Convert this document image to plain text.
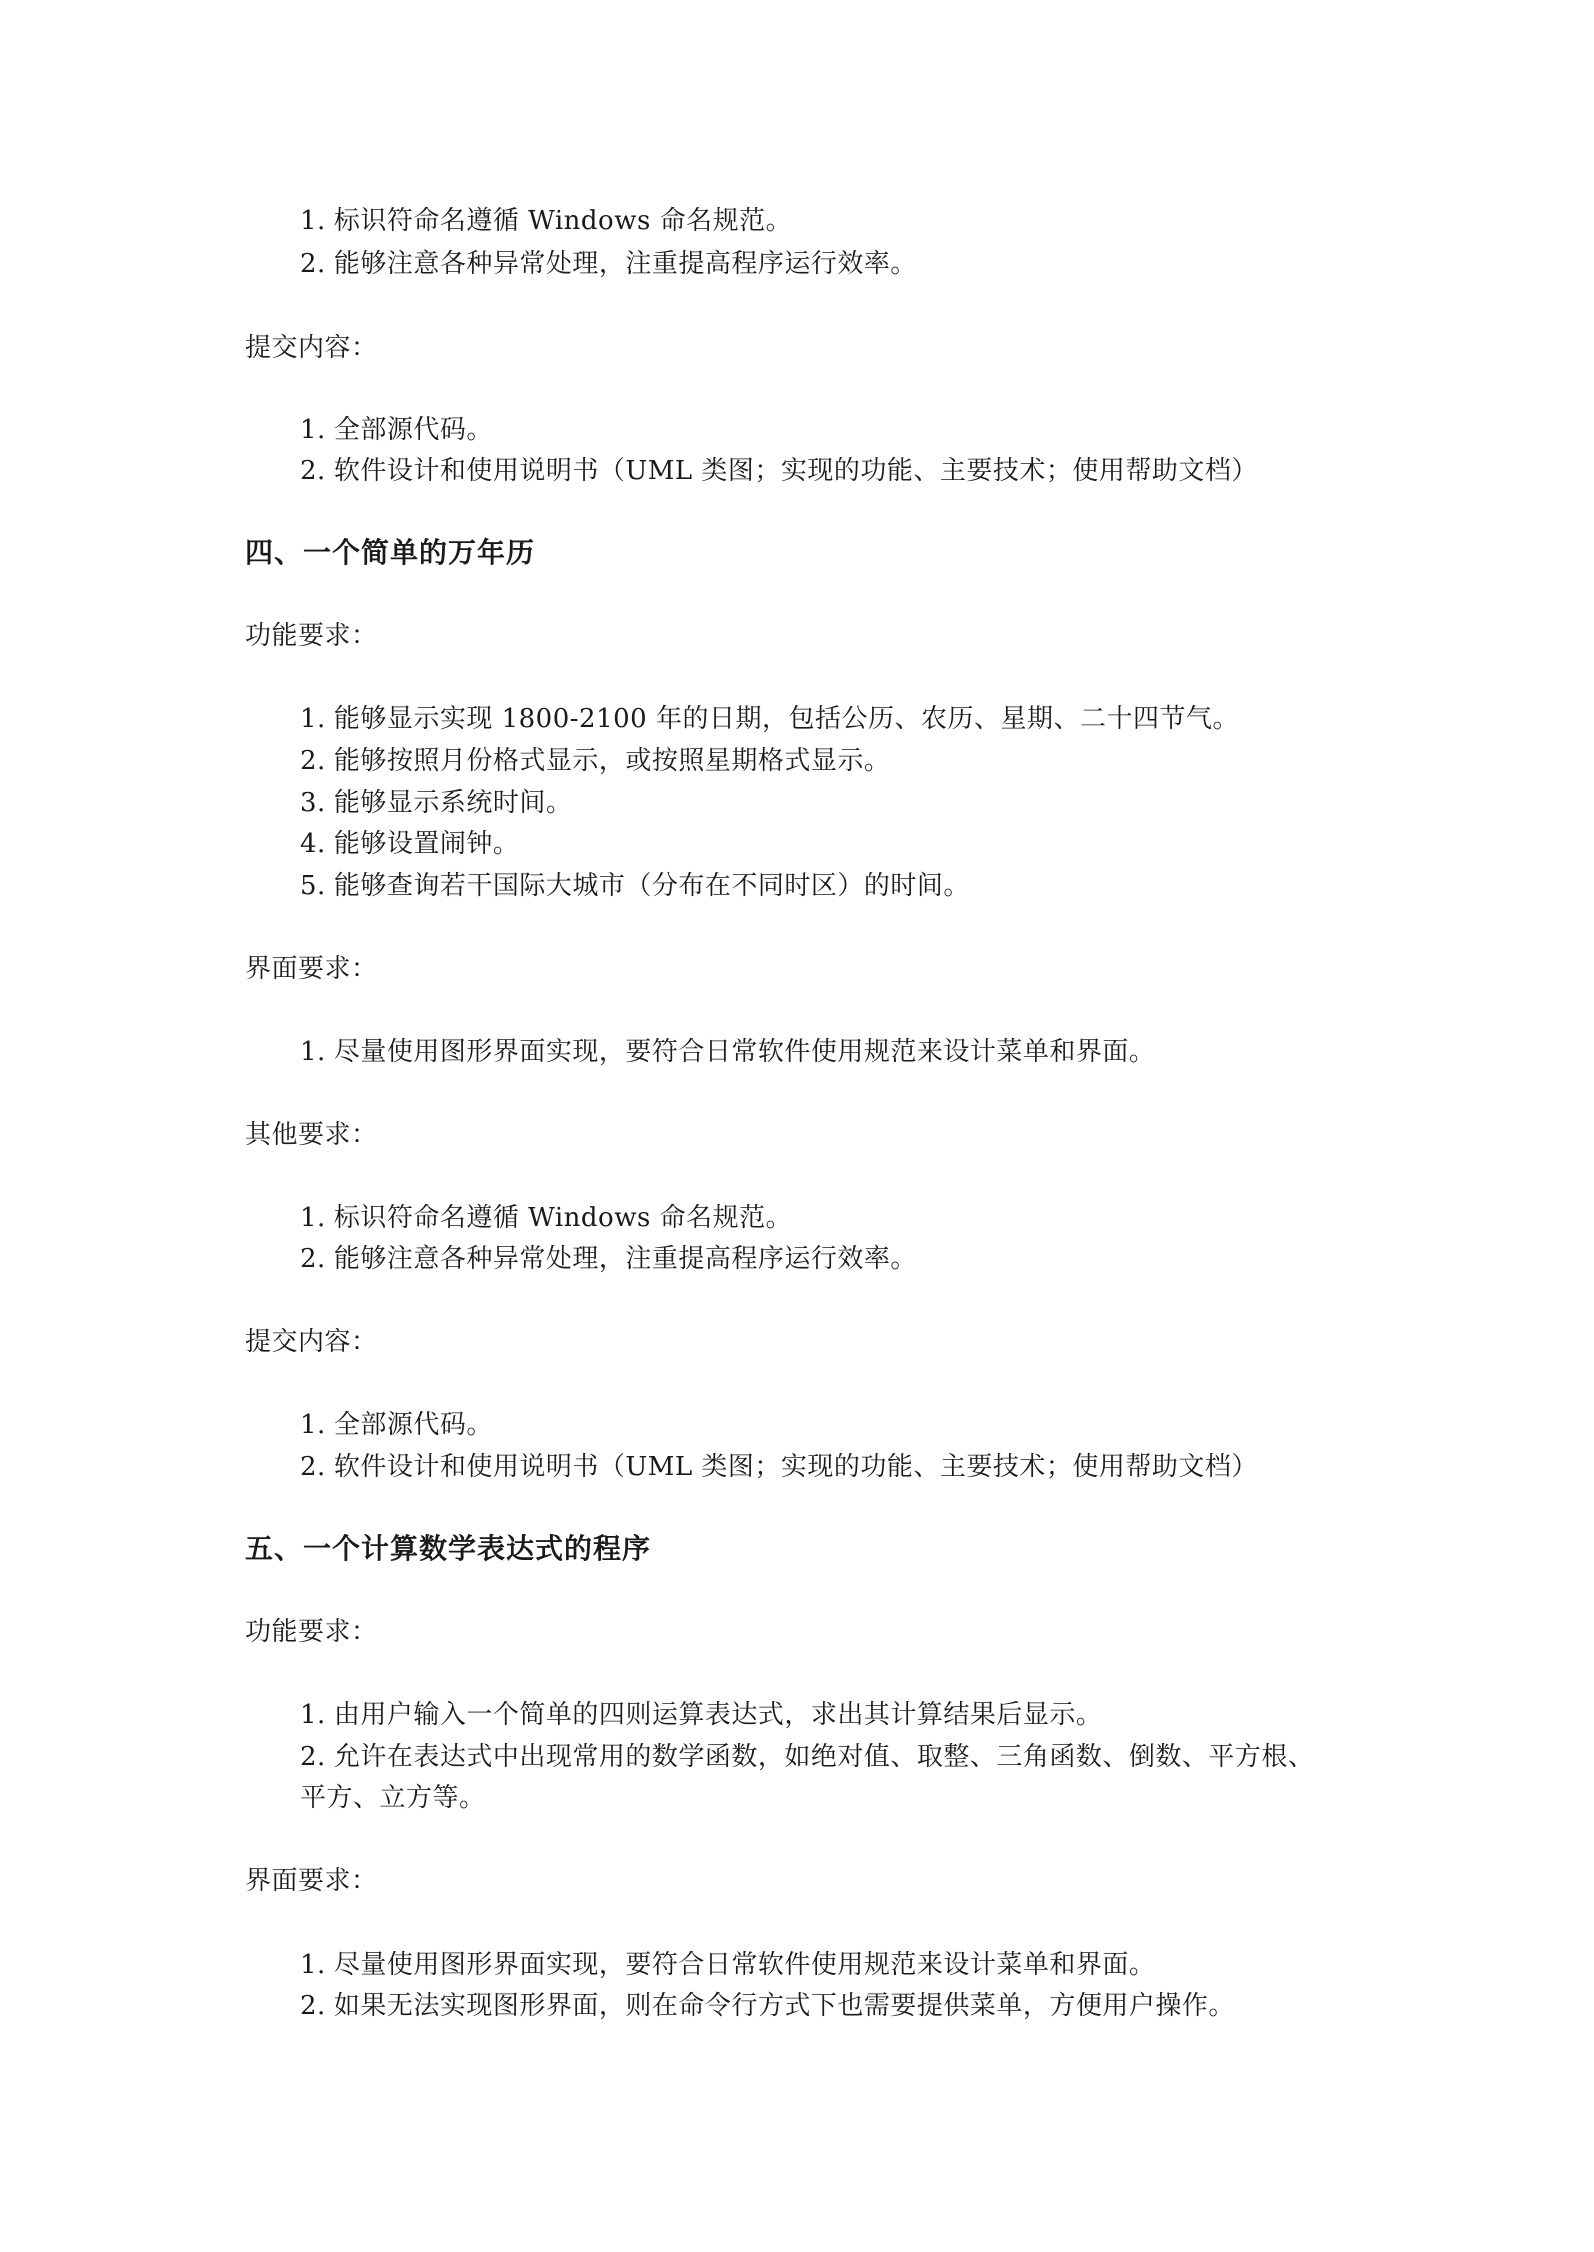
1. 标识符命名遵循 Windows 命名规范。
2. 能够注意各种异常处理，注重提高程序运行效率。
提交内容：
1. 全部源代码。
2. 软件设计和使用说明书（UML 类图；实现的功能、主要技术；使用帮助文档）
四、一个简单的万年历
功能要求：
1. 能够显示实现 1800-2100 年的日期，包括公历、农历、星期、二十四节气。
2. 能够按照月份格式显示，或按照星期格式显示。
3. 能够显示系统时间。
4. 能够设置闹钟。
5. 能够查询若干国际大城市（分布在不同时区）的时间。
界面要求：
1. 尽量使用图形界面实现，要符合日常软件使用规范来设计菜单和界面。
其他要求：
1. 标识符命名遵循 Windows 命名规范。
2. 能够注意各种异常处理，注重提高程序运行效率。
提交内容：
1. 全部源代码。
2. 软件设计和使用说明书（UML 类图；实现的功能、主要技术；使用帮助文档）
五、一个计算数学表达式的程序
功能要求：
1. 由用户输入一个简单的四则运算表达式，求出其计算结果后显示。
2. 允许在表达式中出现常用的数学函数，如绝对值、取整、三角函数、倒数、平方根、
平方、立方等。
界面要求：
1. 尽量使用图形界面实现，要符合日常软件使用规范来设计菜单和界面。
2. 如果无法实现图形界面，则在命令行方式下也需要提供菜单，方便用户操作。
